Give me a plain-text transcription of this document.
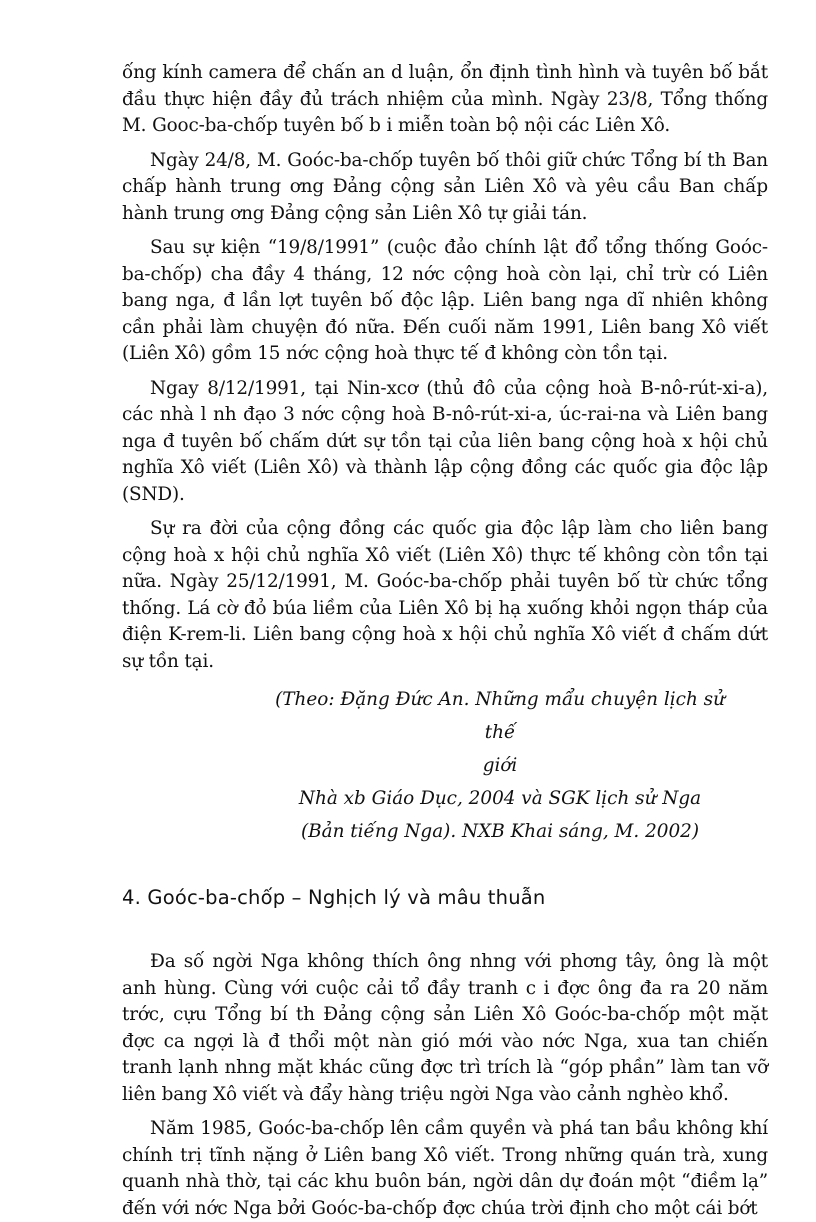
ống kính camera để chấn an d luận, ổn định tình hình và tuyên bố bắt đầu thực hiện đầy đủ trách nhiệm của mình. Ngày 23/8, Tổng thống M. Gooc-ba-chốp tuyên bố b i miễn toàn bộ nội các Liên Xô.

Ngày 24/8, M. Goóc-ba-chốp tuyên bố thôi giữ chức Tổng bí th Ban chấp hành trung ơng Đảng cộng sản Liên Xô và yêu cầu Ban chấp hành trung ơng Đảng cộng sản Liên Xô tự giải tán.

Sau sự kiện “19/8/1991” (cuộc đảo chính lật đổ tổng thống Goóc-ba-chốp) cha đầy 4 tháng, 12 nớc cộng hoà còn lại, chỉ trừ có Liên bang nga, đ lần lợt tuyên bố độc lập. Liên bang nga dĩ nhiên không cần phải làm chuyện đó nữa. Đến cuối năm 1991, Liên bang Xô viết (Liên Xô) gồm 15 nớc cộng hoà thực tế đ không còn tồn tại.

Ngay 8/12/1991, tại Nin-xcơ (thủ đô của cộng hoà B-nô-rút-xi-a), các nhà l nh đạo 3 nớc cộng hoà B-nô-rút-xi-a, úc-rai-na và Liên bang nga đ tuyên bố chấm dứt sự tồn tại của liên bang cộng hoà x hội chủ nghĩa Xô viết (Liên Xô) và thành lập cộng đồng các quốc gia độc lập (SND).

Sự ra đời của cộng đồng các quốc gia độc lập làm cho liên bang cộng hoà x hội chủ nghĩa Xô viết (Liên Xô) thực tế không còn tồn tại nữa. Ngày 25/12/1991, M. Goóc-ba-chốp phải tuyên bố từ chức tổng thống. Lá cờ đỏ búa liềm của Liên Xô bị hạ xuống khỏi ngọn tháp của điện K-rem-li. Liên bang cộng hoà x hội chủ nghĩa Xô viết đ chấm dứt sự tồn tại.

(Theo: Đặng Đức An. Những mẩu chuyện lịch sử thế
giới
Nhà xb Giáo Dục, 2004 và SGK lịch sử Nga
(Bản tiếng Nga). NXB Khai sáng, M. 2002)
4. Goóc-ba-chốp – Nghịch lý và mâu thuẫn

Đa số ngời Nga không thích ông nhng với phơng tây, ông là một anh hùng. Cùng với cuộc cải tổ đầy tranh c i đợc ông đa ra 20 năm trớc, cựu Tổng bí th Đảng cộng sản Liên Xô Goóc-ba-chốp một mặt đợc ca ngợi là đ thổi một nàn gió mới vào nớc Nga, xua tan chiến tranh lạnh nhng mặt khác cũng đợc trì trích là “góp phần” làm tan vỡ liên bang Xô viết và đẩy hàng triệu ngời Nga vào cảnh nghèo khổ.

Năm 1985, Goóc-ba-chốp lên cầm quyền và phá tan bầu không khí chính trị tĩnh nặng ở Liên bang Xô viết. Trong những quán trà, xung quanh nhà thờ, tại các khu buôn bán, ngời dân dự đoán một “điềm lạ” đến với nớc Nga bởi Goóc-ba-chốp đợc chúa trời định cho một cái bớt
